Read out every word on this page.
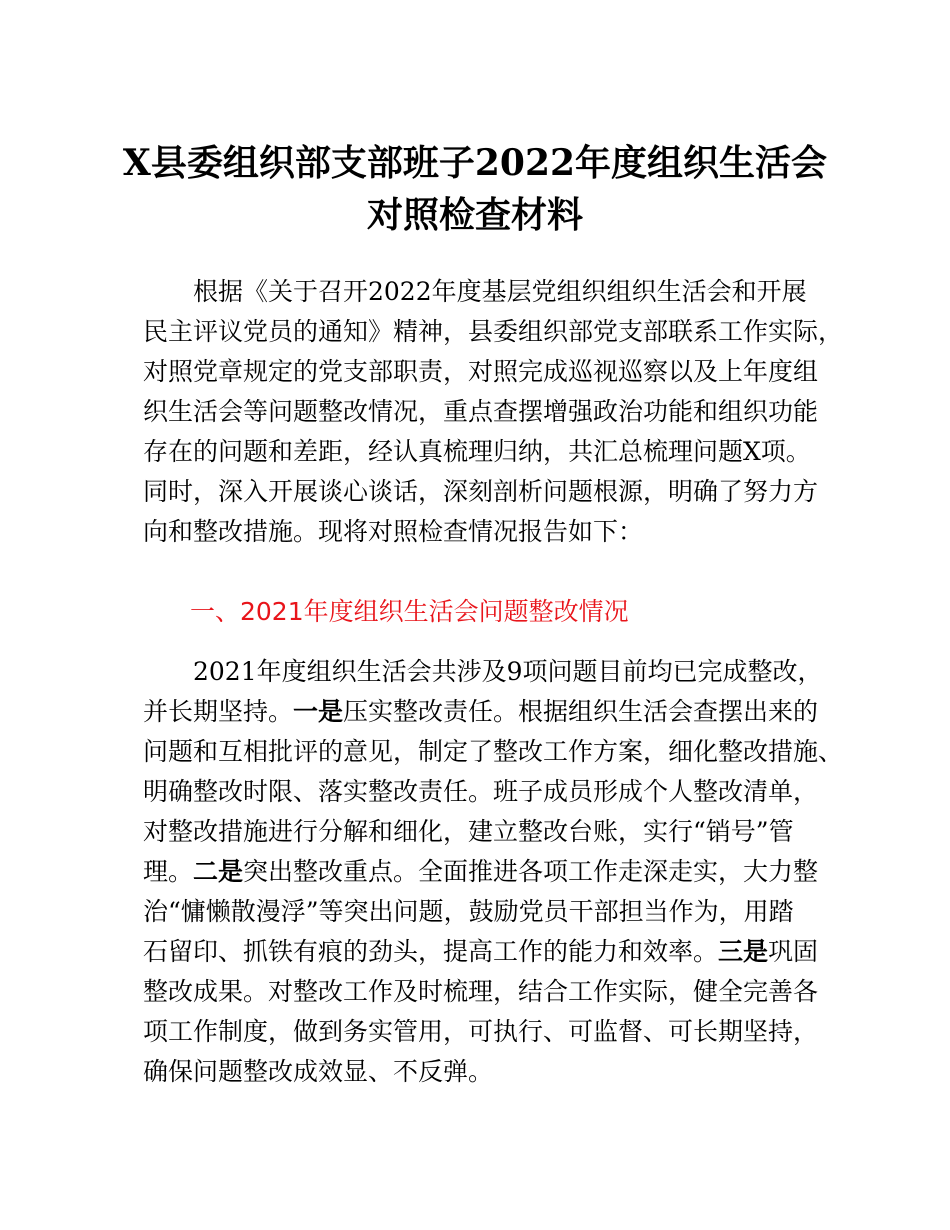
X县委组织部支部班子2022年度组织生活会
对照检查材料
根据《关于召开2022年度基层党组织组织生活会和开展
民主评议党员的通知》精神，县委组织部党支部联系工作实际，
对照党章规定的党支部职责，对照完成巡视巡察以及上年度组
织生活会等问题整改情况，重点查摆增强政治功能和组织功能
存在的问题和差距，经认真梳理归纳，共汇总梳理问题X项。
同时，深入开展谈心谈话，深刻剖析问题根源，明确了努力方
向和整改措施。现将对照检查情况报告如下：
一、2021年度组织生活会问题整改情况
2021年度组织生活会共涉及9项问题目前均已完成整改，
并长期坚持。一是压实整改责任。根据组织生活会查摆出来的
问题和互相批评的意见，制定了整改工作方案，细化整改措施、
明确整改时限、落实整改责任。班子成员形成个人整改清单，
对整改措施进行分解和细化，建立整改台账，实行“销号”管
理。二是突出整改重点。全面推进各项工作走深走实，大力整
治“慵懒散漫浮”等突出问题，鼓励党员干部担当作为，用踏
石留印、抓铁有痕的劲头，提高工作的能力和效率。三是巩固
整改成果。对整改工作及时梳理，结合工作实际，健全完善各
项工作制度，做到务实管用，可执行、可监督、可长期坚持，
确保问题整改成效显、不反弹。
